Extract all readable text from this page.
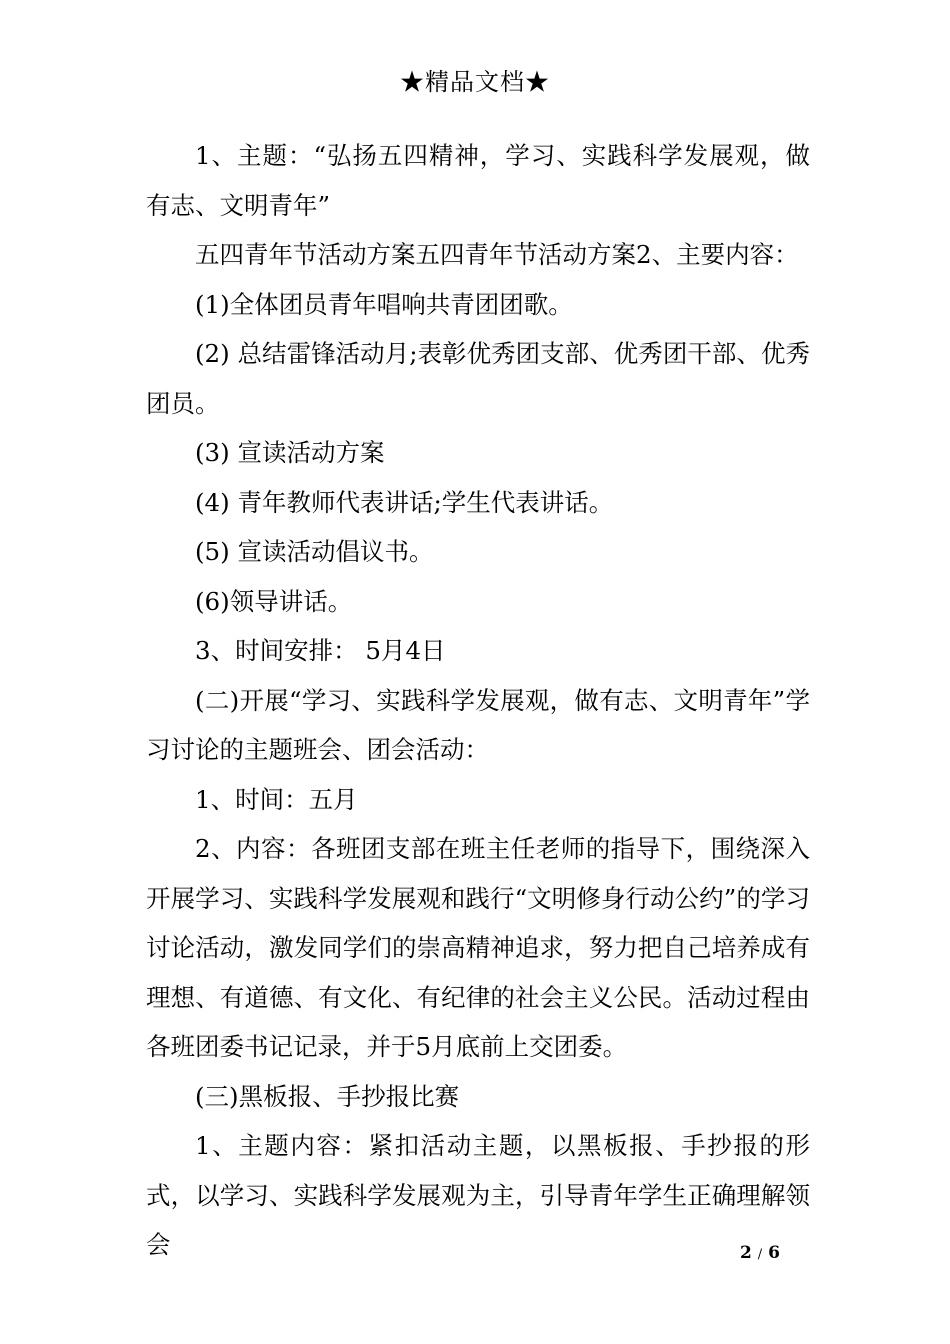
★精品文档★

1、主题：“弘扬五四精神，学习、实践科学发展观，做有志、文明青年”

五四青年节活动方案五四青年节活动方案2、主要内容：

(1)全体团员青年唱响共青团团歌。

(2) 总结雷锋活动月;表彰优秀团支部、优秀团干部、优秀团员。

(3) 宣读活动方案

(4) 青年教师代表讲话;学生代表讲话。

(5) 宣读活动倡议书。

(6)领导讲话。

3、时间安排： 5月4日

(二)开展“学习、实践科学发展观，做有志、文明青年”学习讨论的主题班会、团会活动：

1、时间：五月

2、内容：各班团支部在班主任老师的指导下，围绕深入开展学习、实践科学发展观和践行“文明修身行动公约”的学习讨论活动，激发同学们的崇高精神追求，努力把自己培养成有理想、有道德、有文化、有纪律的社会主义公民。活动过程由各班团委书记记录，并于5月底前上交团委。

(三)黑板报、手抄报比赛

1、主题内容：紧扣活动主题，以黑板报、手抄报的形式，以学习、实践科学发展观为主，引导青年学生正确理解领会	2 / 6
